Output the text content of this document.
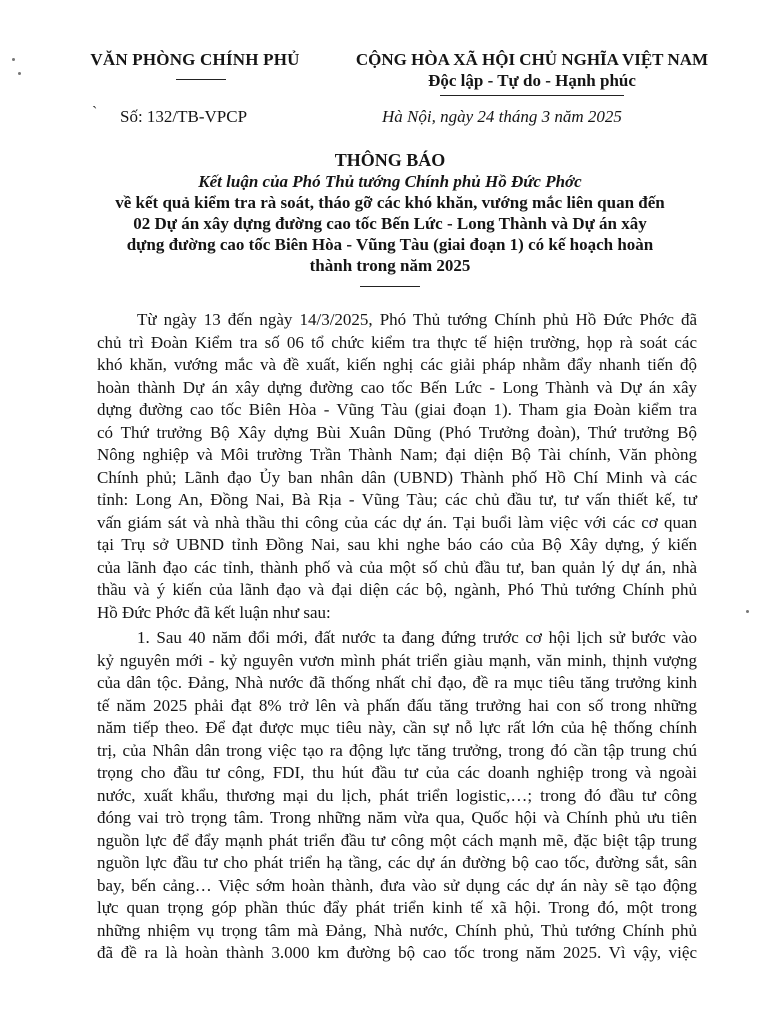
VĂN PHÒNG CHÍNH PHỦ	CỘNG HÒA XÃ HỘI CHỦ NGHĨA VIỆT NAM
Độc lập - Tự do - Hạnh phúc
ˋ Số: 132/TB-VPCP	Hà Nội, ngày 24 tháng 3 năm 2025
THÔNG BÁO
Kết luận của Phó Thủ tướng Chính phủ Hồ Đức Phớc
về kết quả kiểm tra rà soát, tháo gỡ các khó khăn, vướng mắc liên quan đến
02 Dự án xây dựng đường cao tốc Bến Lức - Long Thành và Dự án xây
dựng đường cao tốc Biên Hòa - Vũng Tàu (giai đoạn 1) có kế hoạch hoàn
thành trong năm 2025
Từ ngày 13 đến ngày 14/3/2025, Phó Thủ tướng Chính phủ Hồ Đức Phớc đã
chủ trì Đoàn Kiểm tra số 06 tổ chức kiểm tra thực tế hiện trường, họp rà soát các
khó khăn, vướng mắc và đề xuất, kiến nghị các giải pháp nhằm đẩy nhanh tiến độ
hoàn thành Dự án xây dựng đường cao tốc Bến Lức - Long Thành và Dự án xây
dựng đường cao tốc Biên Hòa - Vũng Tàu (giai đoạn 1). Tham gia Đoàn kiểm tra
có Thứ trưởng Bộ Xây dựng Bùi Xuân Dũng (Phó Trưởng đoàn), Thứ trưởng Bộ
Nông nghiệp và Môi trường Trần Thành Nam; đại diện Bộ Tài chính, Văn phòng
Chính phủ; Lãnh đạo Ủy ban nhân dân (UBND) Thành phố Hồ Chí Minh và các
tỉnh: Long An, Đồng Nai, Bà Rịa - Vũng Tàu; các chủ đầu tư, tư vấn thiết kế, tư
vấn giám sát và nhà thầu thi công của các dự án. Tại buổi làm việc với các cơ quan
tại Trụ sở UBND tỉnh Đồng Nai, sau khi nghe báo cáo của Bộ Xây dựng, ý kiến
của lãnh đạo các tỉnh, thành phố và của một số chủ đầu tư, ban quản lý dự án, nhà
thầu và ý kiến của lãnh đạo và đại diện các bộ, ngành, Phó Thủ tướng Chính phủ
Hồ Đức Phớc đã kết luận như sau:
1. Sau 40 năm đổi mới, đất nước ta đang đứng trước cơ hội lịch sử bước vào
kỷ nguyên mới - kỷ nguyên vươn mình phát triển giàu mạnh, văn minh, thịnh vượng
của dân tộc. Đảng, Nhà nước đã thống nhất chỉ đạo, đề ra mục tiêu tăng trưởng kinh
tế năm 2025 phải đạt 8% trở lên và phấn đấu tăng trưởng hai con số trong những
năm tiếp theo. Để đạt được mục tiêu này, cần sự nỗ lực rất lớn của hệ thống chính
trị, của Nhân dân trong việc tạo ra động lực tăng trưởng, trong đó cần tập trung chú
trọng cho đầu tư công, FDI, thu hút đầu tư của các doanh nghiệp trong và ngoài
nước, xuất khẩu, thương mại du lịch, phát triển logistic,…; trong đó đầu tư công
đóng vai trò trọng tâm. Trong những năm vừa qua, Quốc hội và Chính phủ ưu tiên
nguồn lực để đẩy mạnh phát triển đầu tư công một cách mạnh mẽ, đặc biệt tập trung
nguồn lực đầu tư cho phát triển hạ tầng, các dự án đường bộ cao tốc, đường sắt, sân
bay, bến cảng… Việc sớm hoàn thành, đưa vào sử dụng các dự án này sẽ tạo động
lực quan trọng góp phần thúc đẩy phát triển kinh tế xã hội. Trong đó, một trong
những nhiệm vụ trọng tâm mà Đảng, Nhà nước, Chính phủ, Thủ tướng Chính phủ
đã đề ra là hoàn thành 3.000 km đường bộ cao tốc trong năm 2025. Vì vậy, việc
